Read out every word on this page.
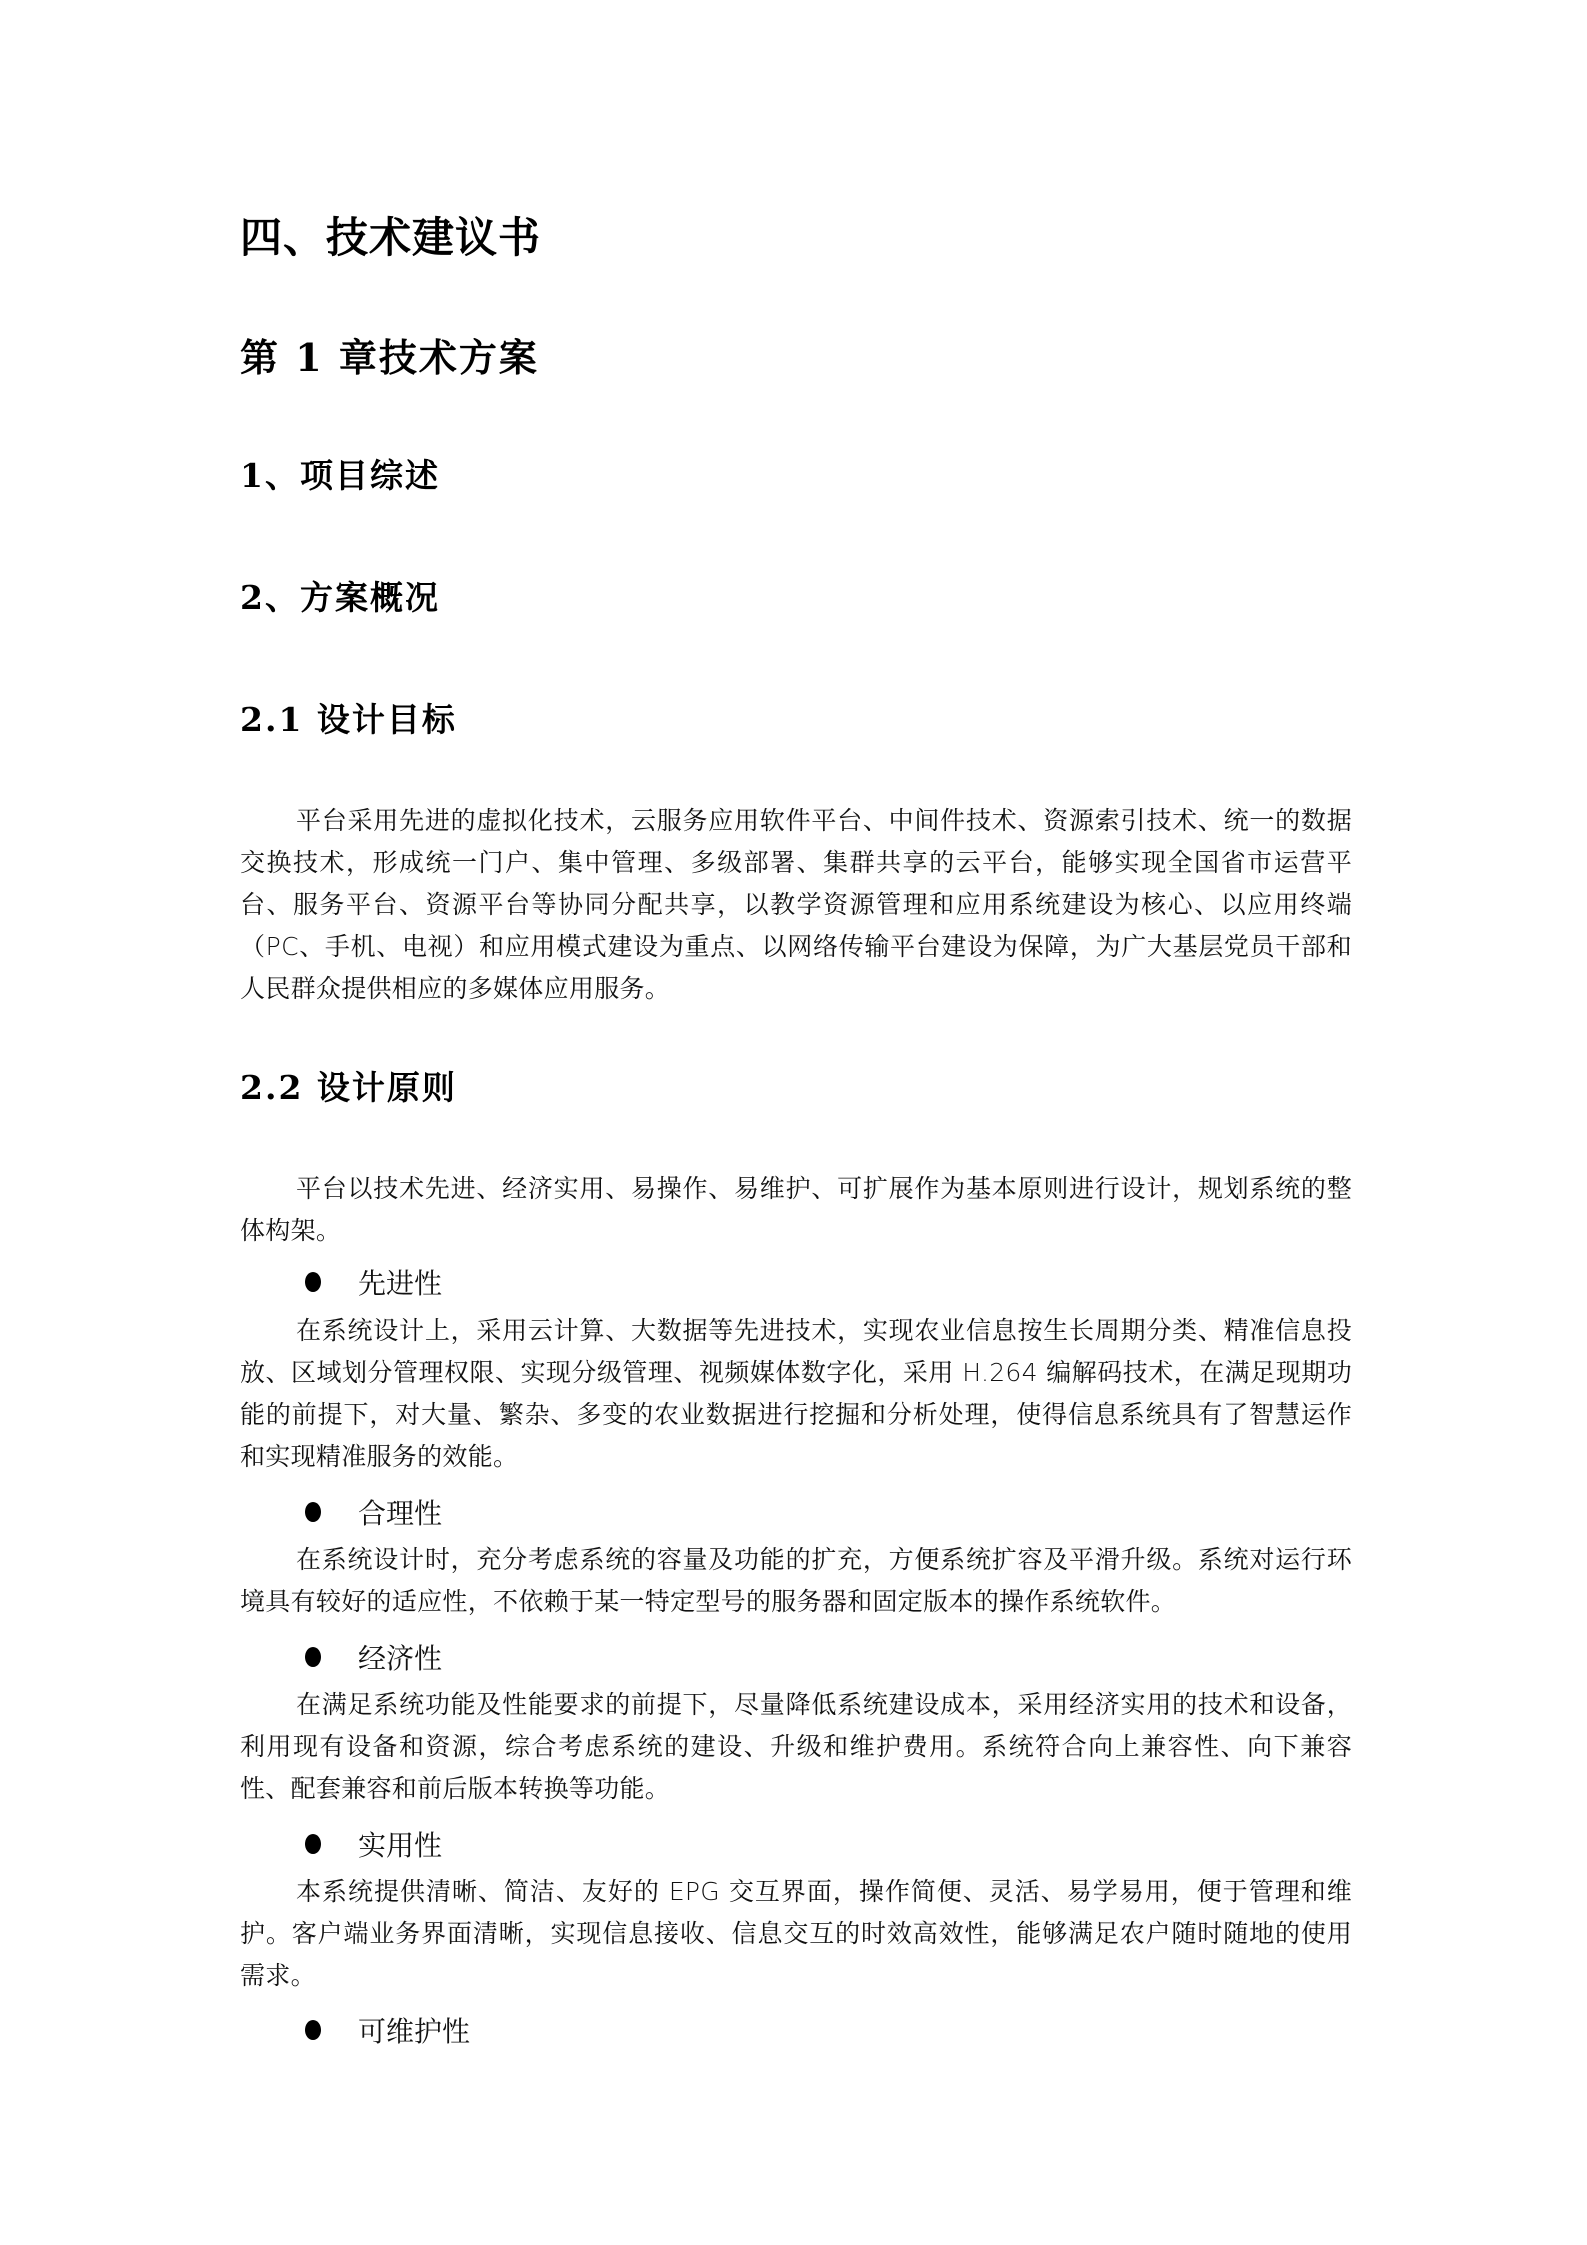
四、技术建议书
第 1 章技术方案
1、项目综述
2、方案概况
2.1 设计目标

平台采用先进的虚拟化技术，云服务应用软件平台、中间件技术、资源索引技术、统一的数据交换技术，形成统一门户、集中管理、多级部署、集群共享的云平台，能够实现全国省市运营平台、服务平台、资源平台等协同分配共享，以教学资源管理和应用系统建设为核心、以应用终端（PC、手机、电视）和应用模式建设为重点、以网络传输平台建设为保障，为广大基层党员干部和人民群众提供相应的多媒体应用服务。

2.2 设计原则

平台以技术先进、经济实用、易操作、易维护、可扩展作为基本原则进行设计，规划系统的整体构架。

先进性

在系统设计上，采用云计算、大数据等先进技术，实现农业信息按生长周期分类、精准信息投放、区域划分管理权限、实现分级管理、视频媒体数字化，采用 H.264 编解码技术，在满足现期功能的前提下，对大量、繁杂、多变的农业数据进行挖掘和分析处理，使得信息系统具有了智慧运作和实现精准服务的效能。

合理性

在系统设计时，充分考虑系统的容量及功能的扩充，方便系统扩容及平滑升级。系统对运行环境具有较好的适应性，不依赖于某一特定型号的服务器和固定版本的操作系统软件。

经济性

在满足系统功能及性能要求的前提下，尽量降低系统建设成本，采用经济实用的技术和设备，利用现有设备和资源，综合考虑系统的建设、升级和维护费用。系统符合向上兼容性、向下兼容性、配套兼容和前后版本转换等功能。

实用性

本系统提供清晰、简洁、友好的 EPG 交互界面，操作简便、灵活、易学易用，便于管理和维护。客户端业务界面清晰，实现信息接收、信息交互的时效高效性，能够满足农户随时随地的使用需求。

可维护性
